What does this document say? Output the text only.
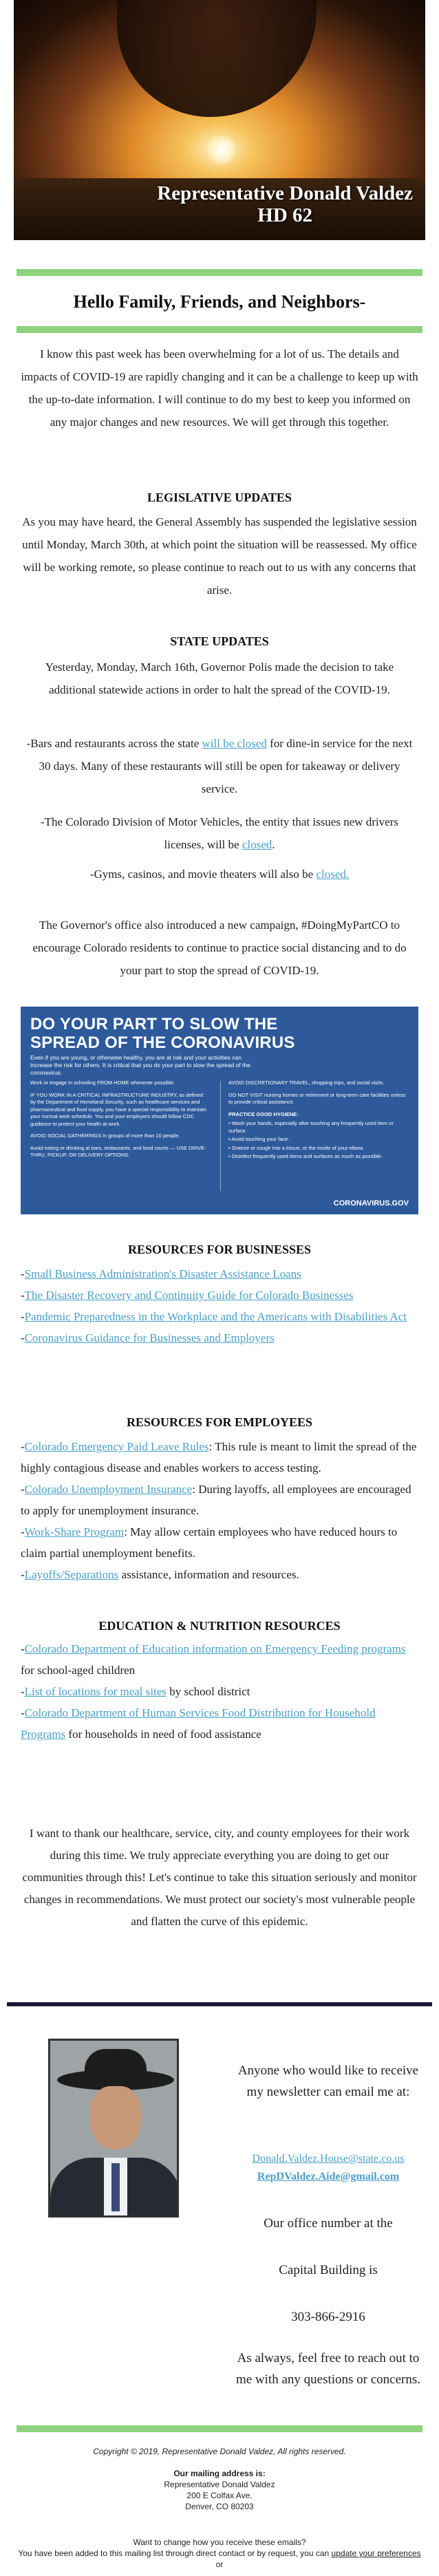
Representative Donald Valdez
HD 62
Hello Family, Friends, and Neighbors-
I know this past week has been overwhelming for a lot of us. The details and impacts of COVID-19 are rapidly changing and it can be a challenge to keep up with the up-to-date information. I will continue to do my best to keep you informed on any major changes and new resources. We will get through this together.
LEGISLATIVE UPDATES
As you may have heard, the General Assembly has suspended the legislative session until Monday, March 30th, at which point the situation will be reassessed. My office will be working remote, so please continue to reach out to us with any concerns that arise.
STATE UPDATES
Yesterday, Monday, March 16th, Governor Polis made the decision to take additional statewide actions in order to halt the spread of the COVID-19.
-Bars and restaurants across the state will be closed for dine-in service for the next 30 days. Many of these restaurants will still be open for takeaway or delivery service.
-The Colorado Division of Motor Vehicles, the entity that issues new drivers licenses, will be closed.
-Gyms, casinos, and movie theaters will also be closed.
The Governor's office also introduced a new campaign, #DoingMyPartCO to encourage Colorado residents to continue to practice social distancing and to do your part to stop the spread of COVID-19.
DO YOUR PART TO SLOW THE
SPREAD OF THE CORONAVIRUS
Even if you are young, or otherwise healthy, you are at risk and your activities can increase the risk for others. It is critical that you do your part to slow the spread of the coronavirus.

Work or engage in schooling FROM HOME whenever possible.

IF YOU WORK IN A CRITICAL INFRASTRUCTURE INDUSTRY, as defined by the Department of Homeland Security, such as healthcare services and pharmaceutical and food supply, you have a special responsibility to maintain your normal work schedule. You and your employers should follow CDC guidance to protect your health at work.

AVOID SOCIAL GATHERINGS in groups of more than 10 people.

Avoid eating or drinking at bars, restaurants, and food courts — USE DRIVE-THRU, PICKUP, OR DELIVERY OPTIONS.

AVOID DISCRETIONARY TRAVEL, shopping trips, and social visits.

DO NOT VISIT nursing homes or retirement or long-term care facilities unless to provide critical assistance.

PRACTICE GOOD HYGIENE:

• Wash your hands, especially after touching any frequently used item or surface.

• Avoid touching your face.

• Sneeze or cough into a tissue, or the inside of your elbow.

• Disinfect frequently used items and surfaces as much as possible.

CORONAVIRUS.GOV
RESOURCES FOR BUSINESSES
-Small Business Administration's Disaster Assistance Loans
-The Disaster Recovery and Continuity Guide for Colorado Businesses
-Pandemic Preparedness in the Workplace and the Americans with Disabilities Act
-Coronavirus Guidance for Businesses and Employers
RESOURCES FOR EMPLOYEES
-Colorado Emergency Paid Leave Rules: This rule is meant to limit the spread of the highly contagious disease and enables workers to access testing.
-Colorado Unemployment Insurance: During layoffs, all employees are encouraged to apply for unemployment insurance.
-Work-Share Program: May allow certain employees who have reduced hours to claim partial unemployment benefits.
-Layoffs/Separations assistance, information and resources.
EDUCATION & NUTRITION RESOURCES
-Colorado Department of Education information on Emergency Feeding programs for school-aged children
-List of locations for meal sites by school district
-Colorado Department of Human Services Food Distribution for Household Programs for households in need of food assistance
I want to thank our healthcare, service, city, and county employees for their work during this time. We truly appreciate everything you are doing to get our communities through this! Let's continue to take this situation seriously and monitor changes in recommendations. We must protect our society's most vulnerable people and flatten the curve of this epidemic.
Anyone who would like to receive my newsletter can email me at:
Donald.Valdez.House@state.co.us
RepDValdez.Aide@gmail.com
Our office number at the
Capital Building is
303-866-2916
As always, feel free to reach out to me with any questions or concerns.
Copyright © 2019, Representative Donald Valdez, All rights reserved.
Our mailing address is:
Representative Donald Valdez
200 E Colfax Ave.
Denver, CO 80203
Want to change how you receive these emails?
You have been added to this mailing list through direct contact or by request, you can update your preferences or
